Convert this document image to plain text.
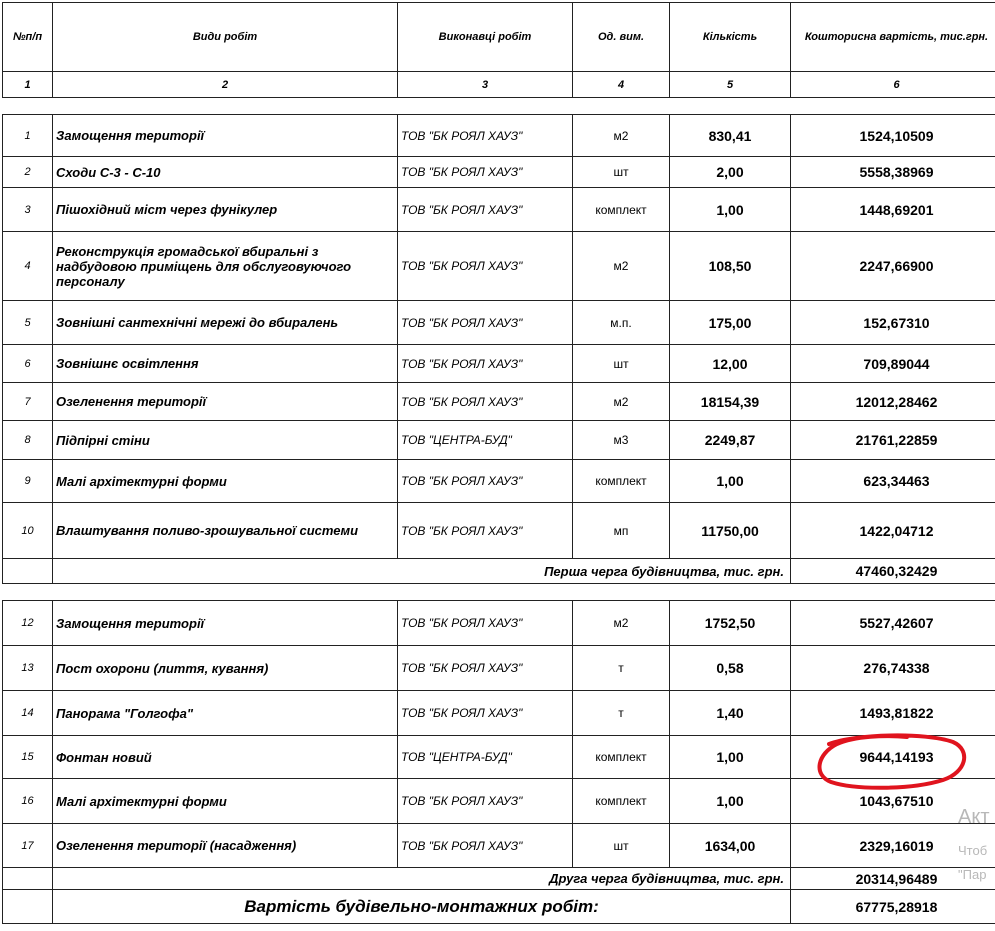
№п/п	Види робіт	Виконавці робіт	Од. вим.	Кількість	Кошторисна вартість, тис.грн.
1	2	3	4	5	6

1	Замощення території	ТОВ "БК РОЯЛ ХАУЗ"	м2	830,41	1524,10509
2	Сходи С-3 - С-10	ТОВ "БК РОЯЛ ХАУЗ"	шт	2,00	5558,38969
3	Пішохідний міст через фунікулер	ТОВ "БК РОЯЛ ХАУЗ"	комплект	1,00	1448,69201
4	Реконструкція громадської вбиральні з надбудовою приміщень для обслуговуючого персоналу	ТОВ "БК РОЯЛ ХАУЗ"	м2	108,50	2247,66900
5	Зовнішні сантехнічні мережі до вбиралень	ТОВ "БК РОЯЛ ХАУЗ"	м.п.	175,00	152,67310
6	Зовнішнє освітлення	ТОВ "БК РОЯЛ ХАУЗ"	шт	12,00	709,89044
7	Озеленення території	ТОВ "БК РОЯЛ ХАУЗ"	м2	18154,39	12012,28462
8	Підпірні стіни	ТОВ "ЦЕНТРА-БУД"	м3	2249,87	21761,22859
9	Малі архітектурні форми	ТОВ "БК РОЯЛ ХАУЗ"	комплект	1,00	623,34463
10	Влаштування поливо-зрошувальної системи	ТОВ "БК РОЯЛ ХАУЗ"	мп	11750,00	1422,04712
	Перша черга будівництва, тис. грн.				47460,32429

12	Замощення території	ТОВ "БК РОЯЛ ХАУЗ"	м2	1752,50	5527,42607
13	Пост охорони (лиття, кування)	ТОВ "БК РОЯЛ ХАУЗ"	т	0,58	276,74338
14	Панорама "Голгофа"	ТОВ "БК РОЯЛ ХАУЗ"	т	1,40	1493,81822
15	Фонтан новий	ТОВ "ЦЕНТРА-БУД"	комплект	1,00	9644,14193
16	Малі архітектурні форми	ТОВ "БК РОЯЛ ХАУЗ"	комплект	1,00	1043,67510
17	Озеленення території (насадження)	ТОВ "БК РОЯЛ ХАУЗ"	шт	1634,00	2329,16019
	Друга черга будівництва, тис. грн.				20314,96489
	Вартість будівельно-монтажних робіт:				67775,28918
Акт
Чтоб
"Пар
